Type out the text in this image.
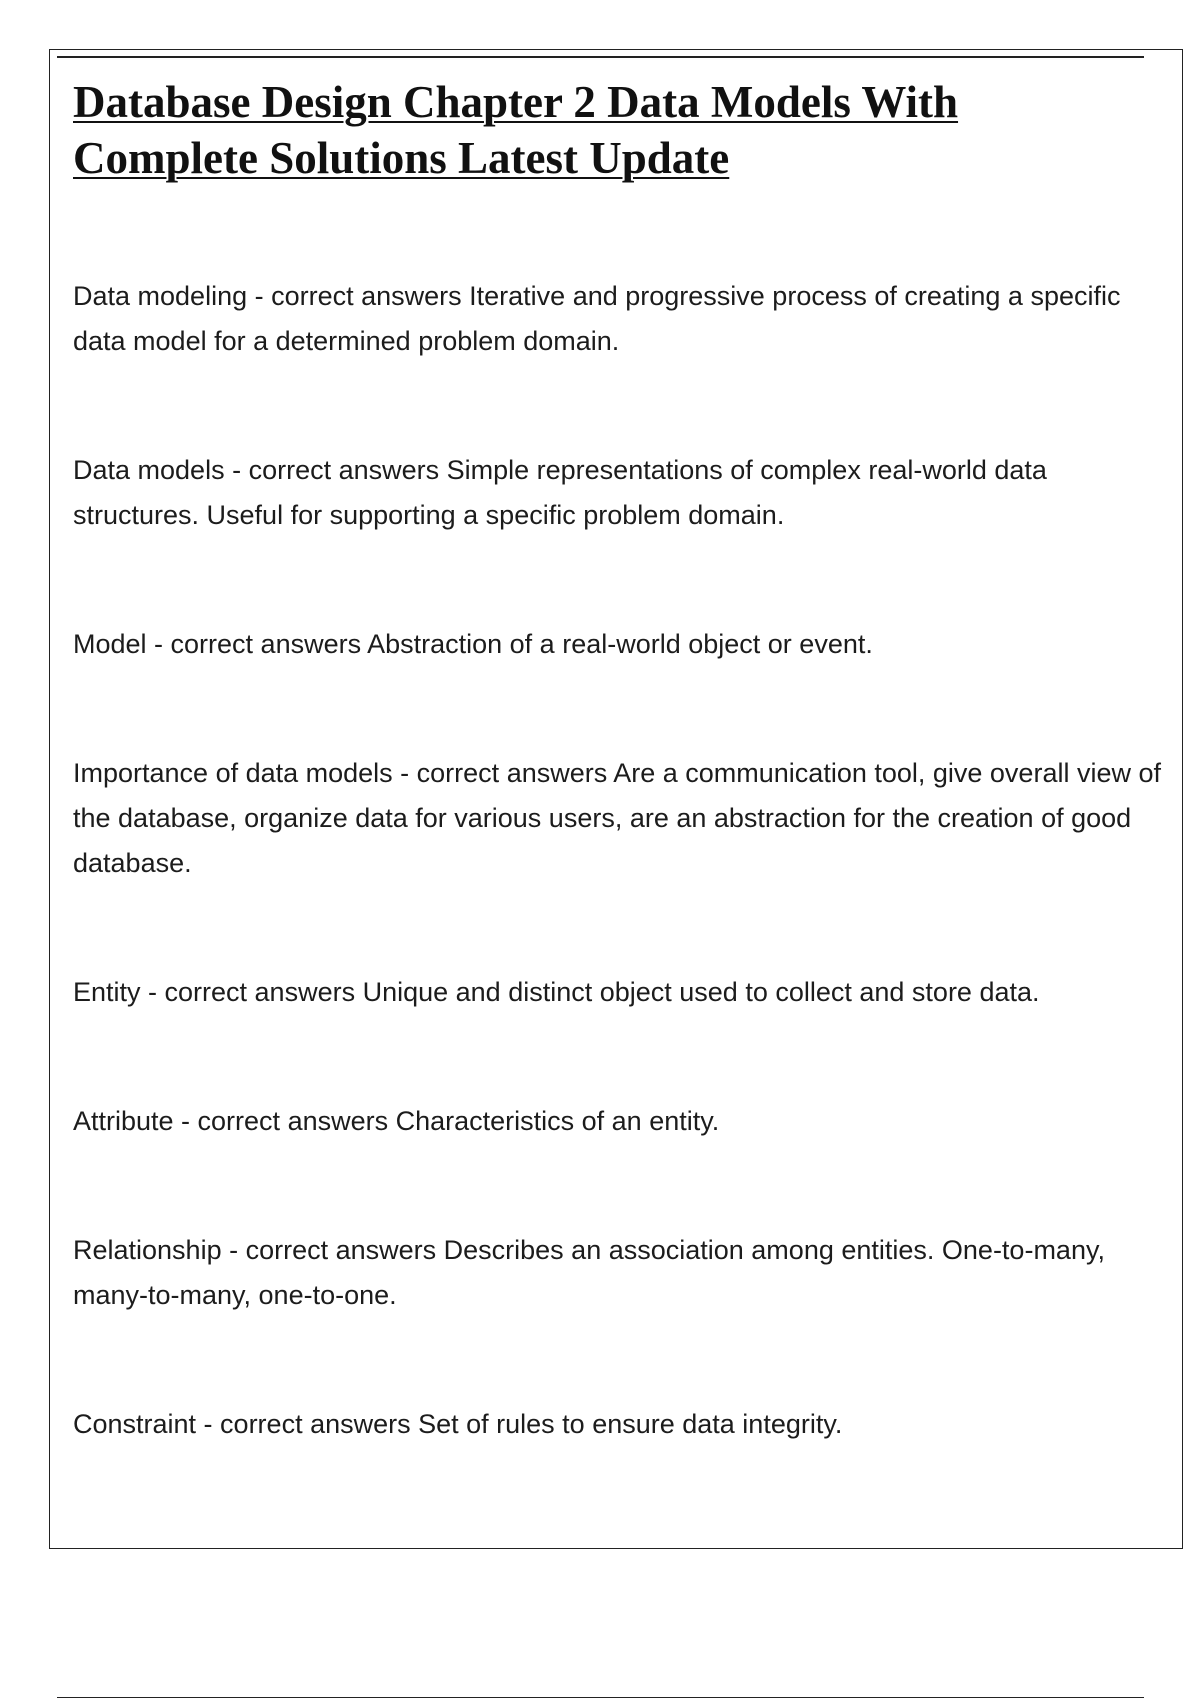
Database Design Chapter 2 Data Models With
Complete Solutions Latest Update

Data modeling - correct answers Iterative and progressive process of creating a specific data model for a determined problem domain.

Data models - correct answers Simple representations of complex real-world data structures. Useful for supporting a specific problem domain.

Model - correct answers Abstraction of a real-world object or event.

Importance of data models - correct answers Are a communication tool, give overall view of the database, organize data for various users, are an abstraction for the creation of good database.

Entity - correct answers Unique and distinct object used to collect and store data.

Attribute - correct answers Characteristics of an entity.

Relationship - correct answers Describes an association among entities. One-to-many, many-to-many, one-to-one.

Constraint - correct answers Set of rules to ensure data integrity.
